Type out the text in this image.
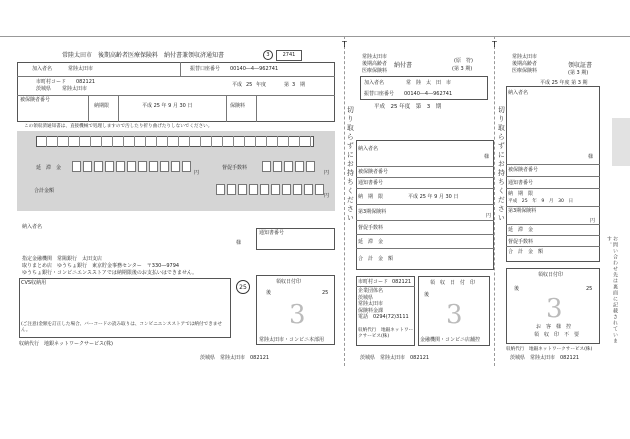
T	T
常陸太田市　後期高齢者医療保険料　納付書兼領収済通知書	3	2741
加入者名	常陸太田市	振替口座番号 00140―4―962741
市町村コード 082121
茨城県 常陸太田市
平成 25 年度	第 3 期
被保険者番号
納期限	平成 25 年 9 月 30 日	保険料
この領収済通知書は、直接機械で処理しますので汚したり折り曲げたりしないでください。
延　滞　金	督促手数料
合計金額
円	円
円
納入者名
様
通知書番号
指定金融機関　常陽銀行　太田支店
取りまとめ店　ゆうちょ銀行　東京貯金事務センター　〒330―9794
ゆうちょ銀行・コンビニエンスストアでは納期限後のお支払いはできません。
CVS収納用
(ご注意)金額を訂正した場合、バーコードの読み取りは、コンビニエンスストアでは納付できません。
収納代行　地銀ネットワークサービス(株)
25
領収日付印
後	25
3
常陸太田市・コンビニ本部用
茨城県　常陸太田市　082121
切り取らずにお持ちください
常陸太田市
後期高齢者
医療保険料
納付書
(原　符)
(第 3 期)
加入者名	常　陸　太　田　市
振替口座番号 00140―4―962741
平成　25 年度　第　3　期
納入者名
様
被保険者番号
通知書番号
納　期　限	平成 25 年 9 月 30 日
第3期保険料
円
督促手数料
延　滞　金
合　計　金　額
市町村コード 082121
企業団体名
茨城県
常陸太田市
保険料金課
電話　0294(72)3111
収納代行　地銀ネットワークサービス(株)
領　収　日　付　印
後
3
金融機関・コンビニ店舗控
茨城県　常陸太田市　082121
切り取らずにお持ちください
常陸太田市
後期高齢者
医療保険料
領収証書
(第 3 期)
平成 25 年度 第 3 期
納入者名
様
被保険者番号
通知書番号
納　期　限
平成　25　年　9　月　30　日
第3期保険料
円
延　滞　金
督促手数料
合　計　金　額
領収日付印
後	25
3
お　客　様　控
領　収　印　不　要
収納代行　地銀ネットワークサービス(株)
茨城県　常陸太田市　082121
お問い合わせ先は裏面に記載されています。
